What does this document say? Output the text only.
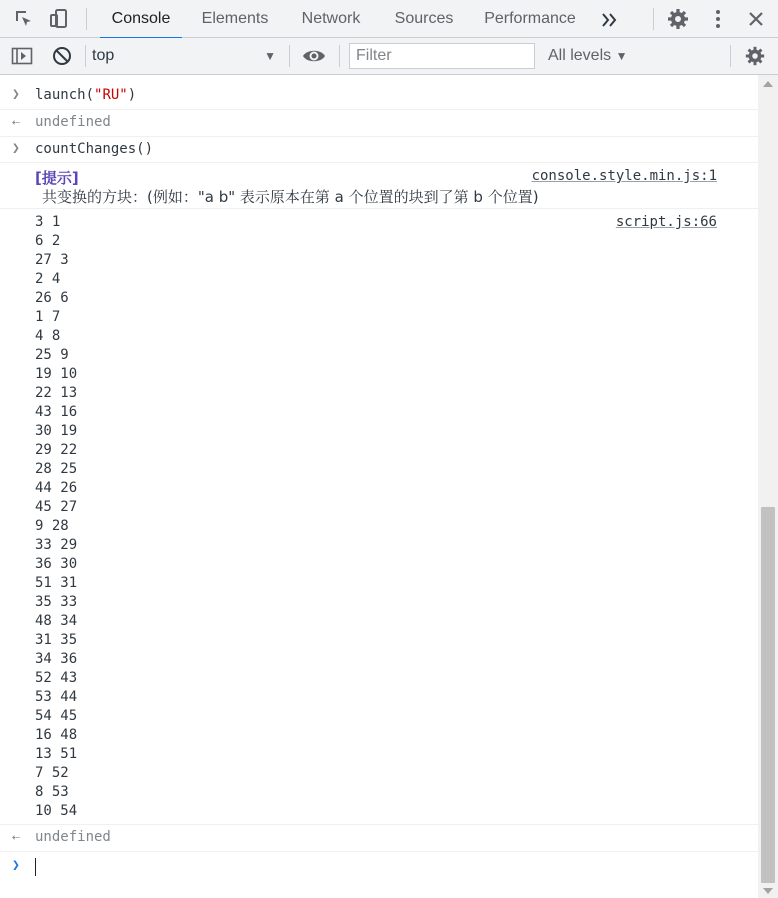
Console	Elements	Network	Sources	Performance
top	▼
Filter	All levels ▼
❯ launch("RU")
⇠ undefined
❯ countChanges()
[提示]	console.style.min.js:1
共变换的方块：(例如："a b" 表示原本在第 a 个位置的块到了第 b 个位置)
script.js:66
3 1
6 2
27 3
2 4
26 6
1 7
4 8
25 9
19 10
22 13
43 16
30 19
29 22
28 25
44 26
45 27
9 28
33 29
36 30
51 31
35 33
48 34
31 35
34 36
52 43
53 44
54 45
16 48
13 51
7 52
8 53
10 54
⇠ undefined
❯
